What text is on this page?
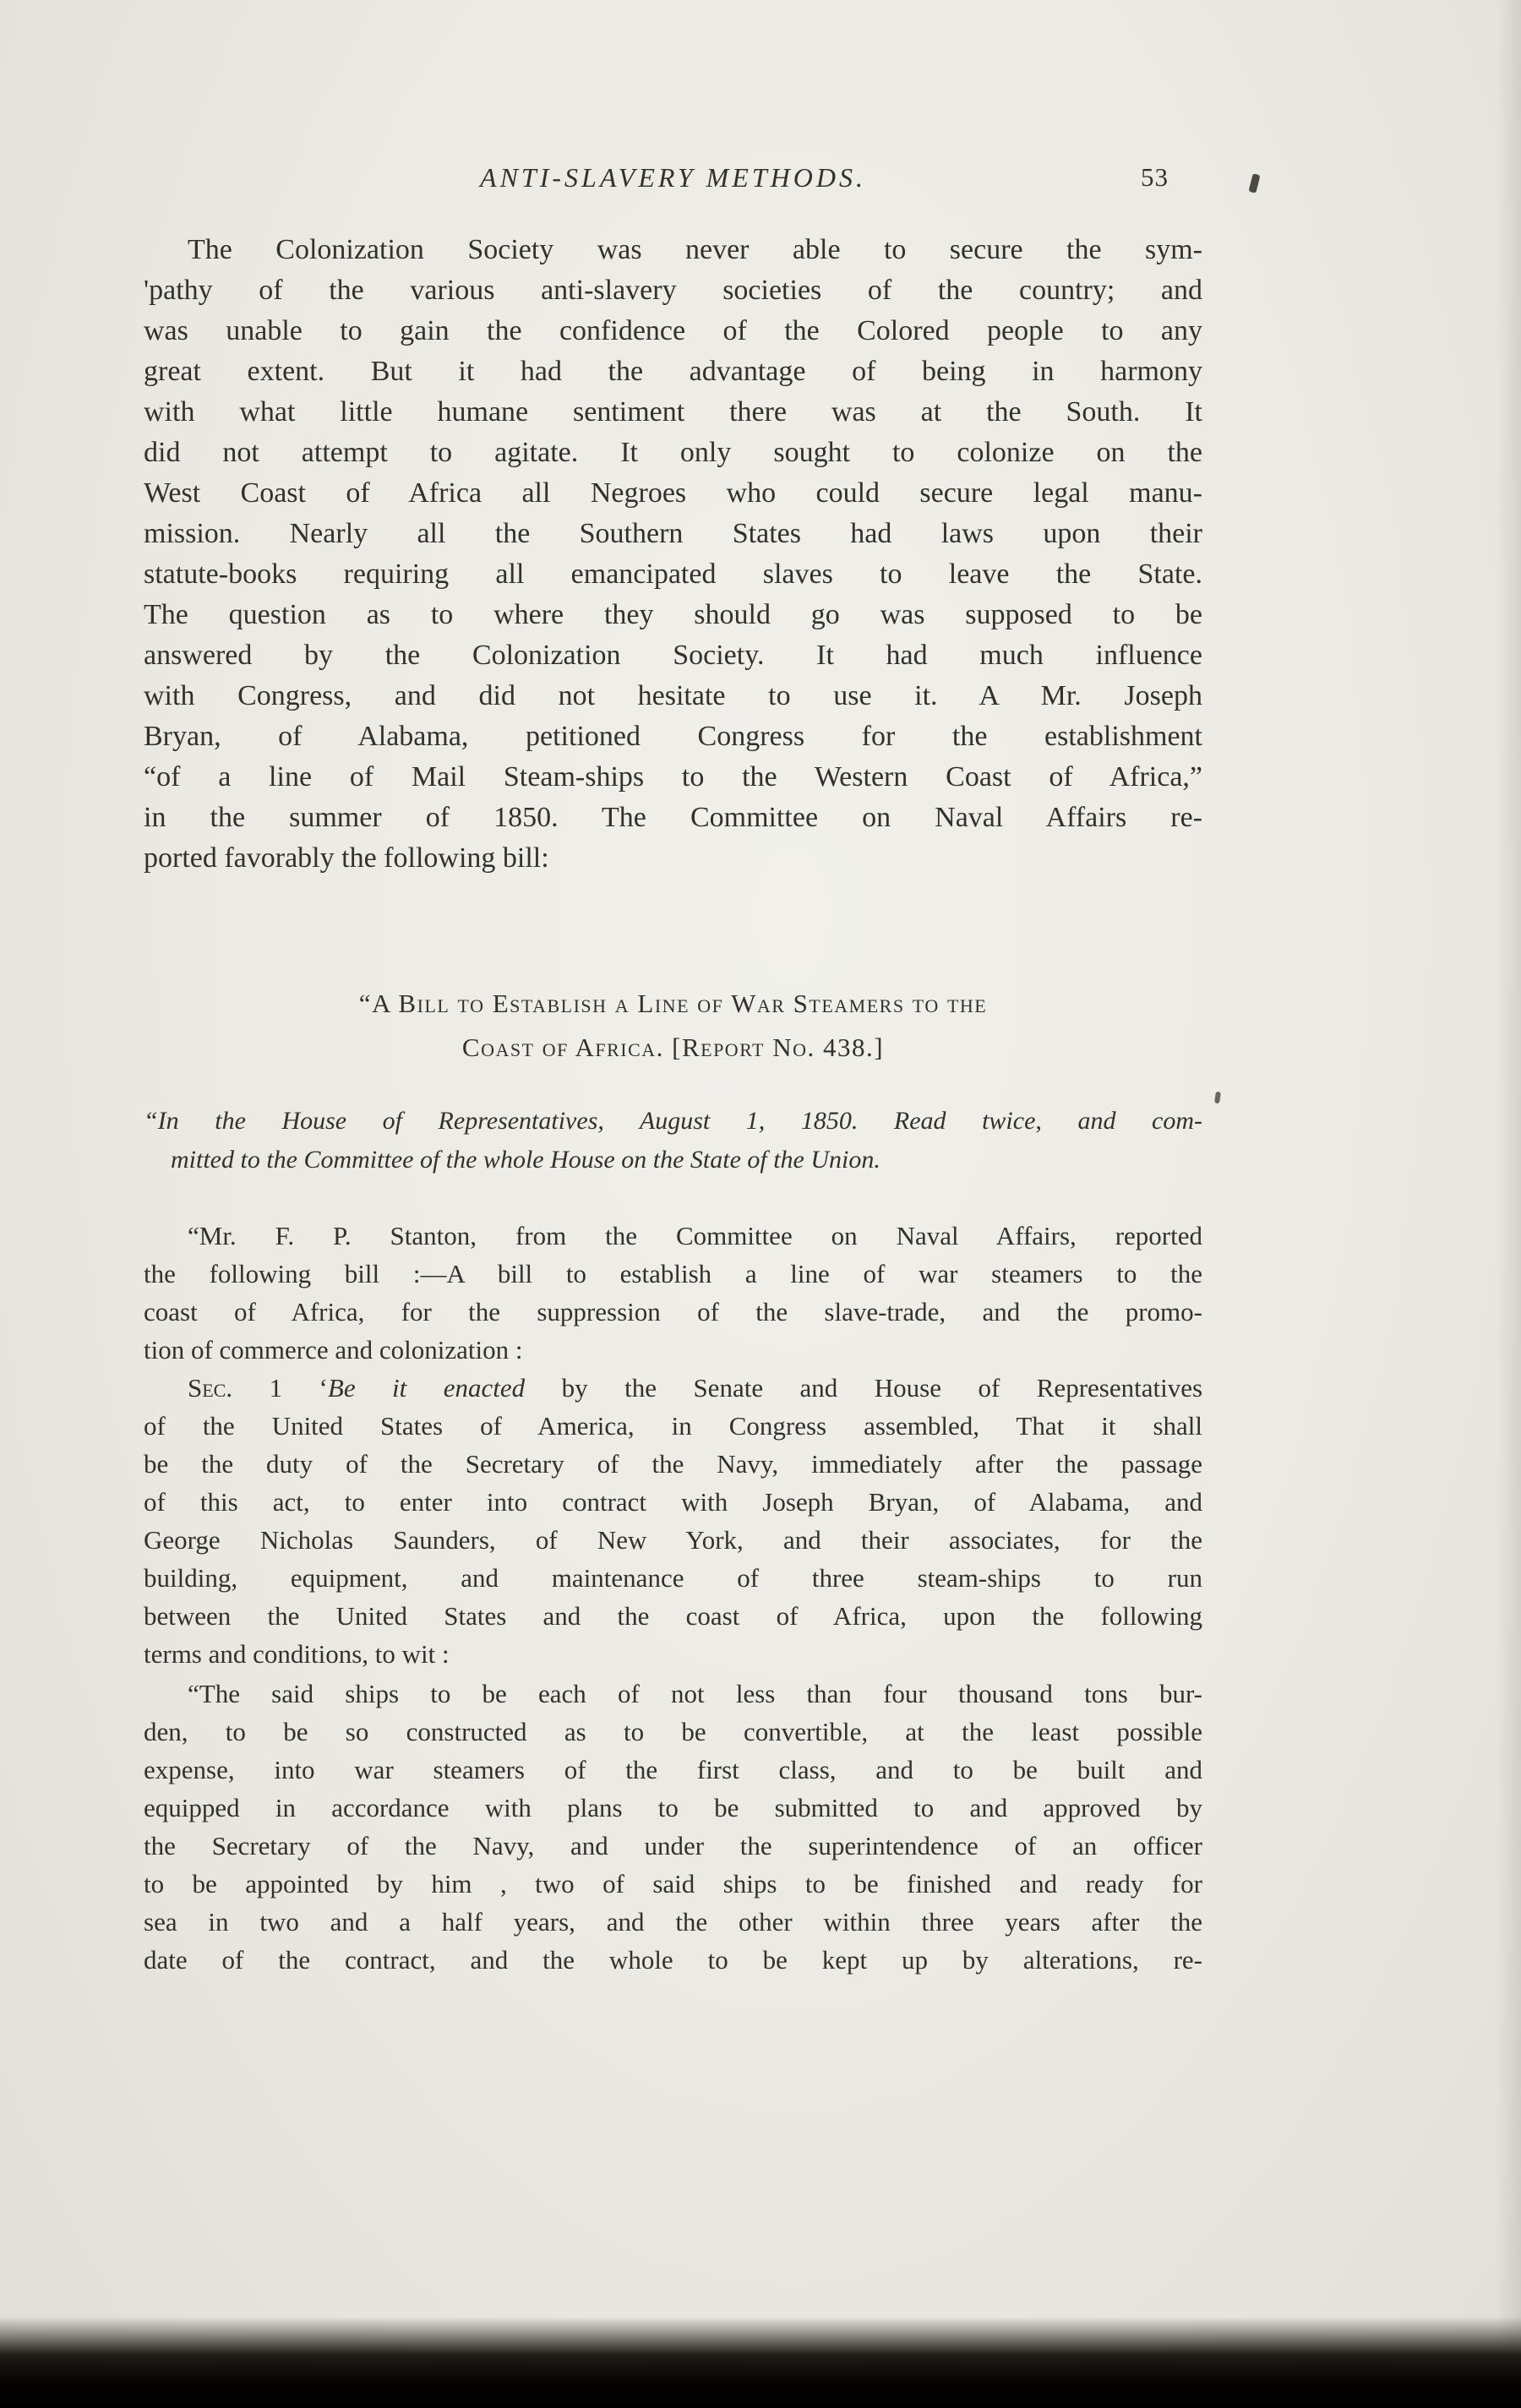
ANTI-SLAVERY METHODS.	53
The Colonization Society was never able to secure the sym-
'pathy of the various anti-slavery societies of the country; and
was unable to gain the confidence of the Colored people to any
great extent. But it had the advantage of being in harmony
with what little humane sentiment there was at the South. It
did not attempt to agitate. It only sought to colonize on the
West Coast of Africa all Negroes who could secure legal manu-
mission. Nearly all the Southern States had laws upon their
statute-books requiring all emancipated slaves to leave the State.
The question as to where they should go was supposed to be
answered by the Colonization Society. It had much influence
with Congress, and did not hesitate to use it. A Mr. Joseph
Bryan, of Alabama, petitioned Congress for the establishment
“of a line of Mail Steam-ships to the Western Coast of Africa,”
in the summer of 1850. The Committee on Naval Affairs re-
ported favorably the following bill:
“A Bill to Establish a Line of War Steamers to the
Coast of Africa. [Report No. 438.]
“In the House of Representatives, August 1, 1850. Read twice, and com-
mitted to the Committee of the whole House on the State of the Union.
“Mr. F. P. Stanton, from the Committee on Naval Affairs, reported
the following bill :—A bill to establish a line of war steamers to the
coast of Africa, for the suppression of the slave-trade, and the promo-
tion of commerce and colonization :
Sec. 1 ‘Be it enacted by the Senate and House of Representatives
of the United States of America, in Congress assembled, That it shall
be the duty of the Secretary of the Navy, immediately after the passage
of this act, to enter into contract with Joseph Bryan, of Alabama, and
George Nicholas Saunders, of New York, and their associates, for the
building, equipment, and maintenance of three steam-ships to run
between the United States and the coast of Africa, upon the following
terms and conditions, to wit :
“The said ships to be each of not less than four thousand tons bur-
den, to be so constructed as to be convertible, at the least possible
expense, into war steamers of the first class, and to be built and
equipped in accordance with plans to be submitted to and approved by
the Secretary of the Navy, and under the superintendence of an officer
to be appointed by him , two of said ships to be finished and ready for
sea in two and a half years, and the other within three years after the
date of the contract, and the whole to be kept up by alterations, re-
